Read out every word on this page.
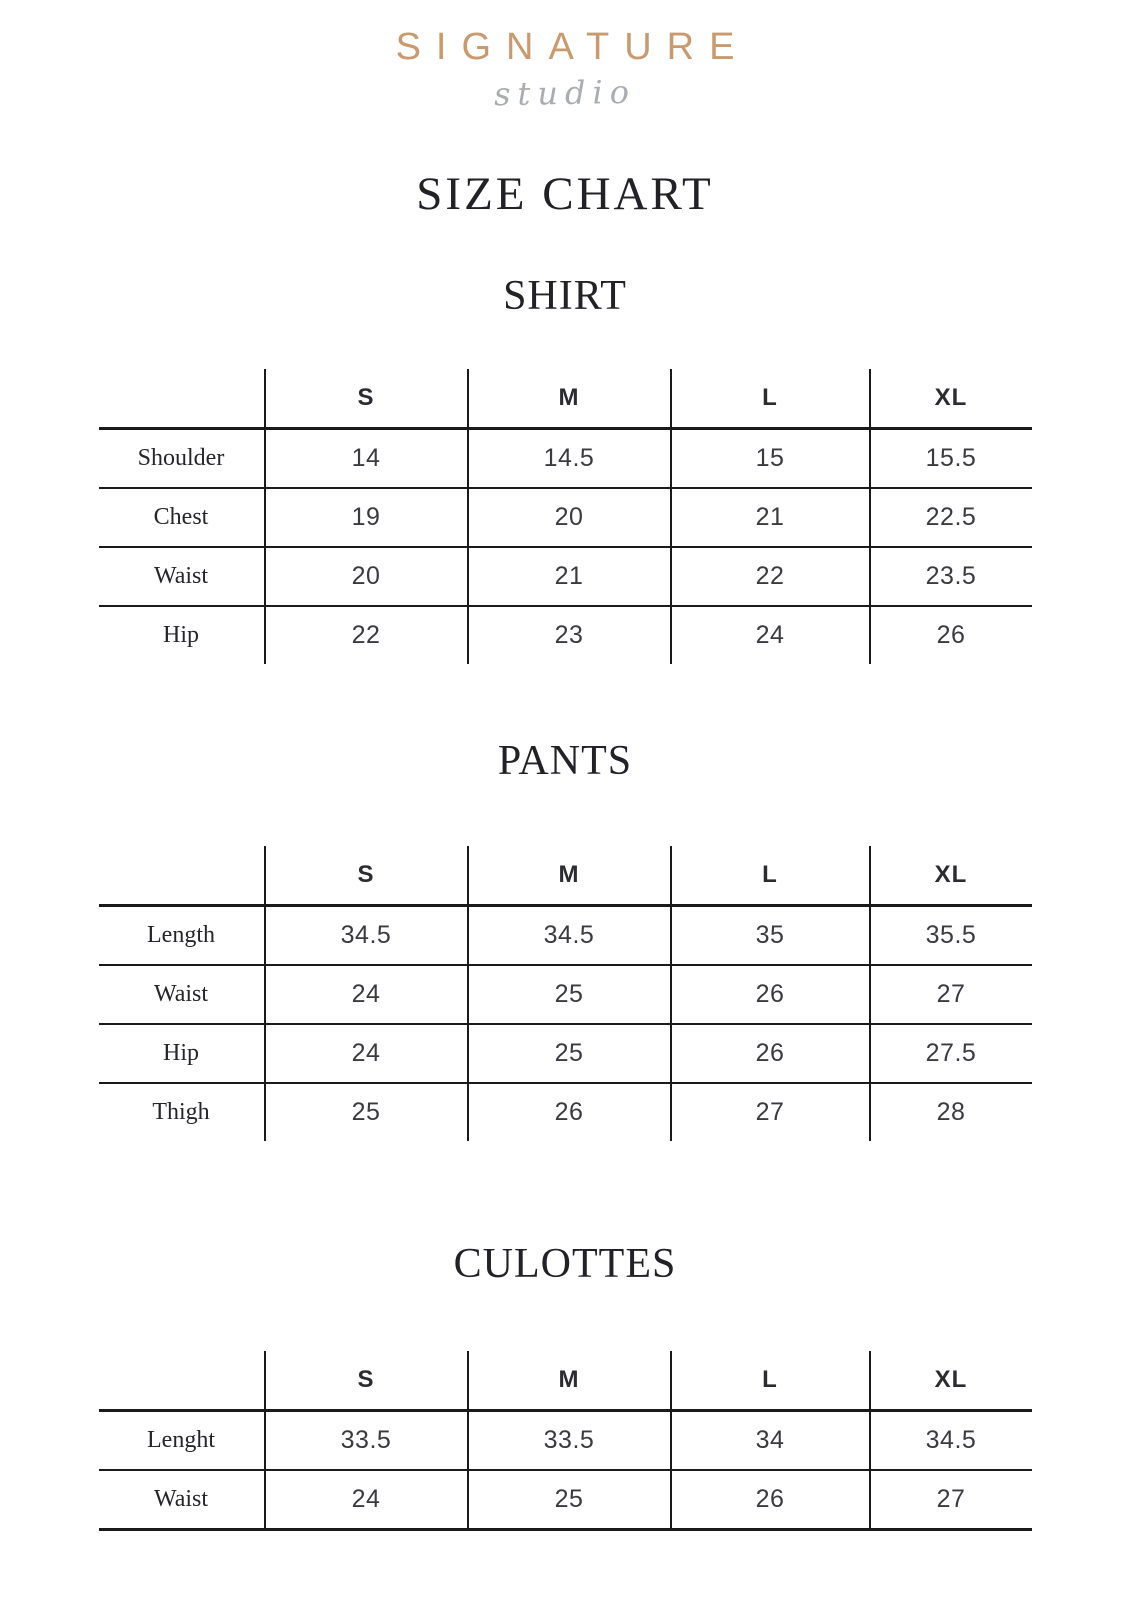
SIGNATURE
studio
SIZE CHART
SHIRT
	S	M	L	XL
Shoulder	14	14.5	15	15.5
Chest	19	20	21	22.5
Waist	20	21	22	23.5
Hip	22	23	24	26
PANTS
	S	M	L	XL
Length	34.5	34.5	35	35.5
Waist	24	25	26	27
Hip	24	25	26	27.5
Thigh	25	26	27	28
CULOTTES
	S	M	L	XL
Lenght	33.5	33.5	34	34.5
Waist	24	25	26	27
